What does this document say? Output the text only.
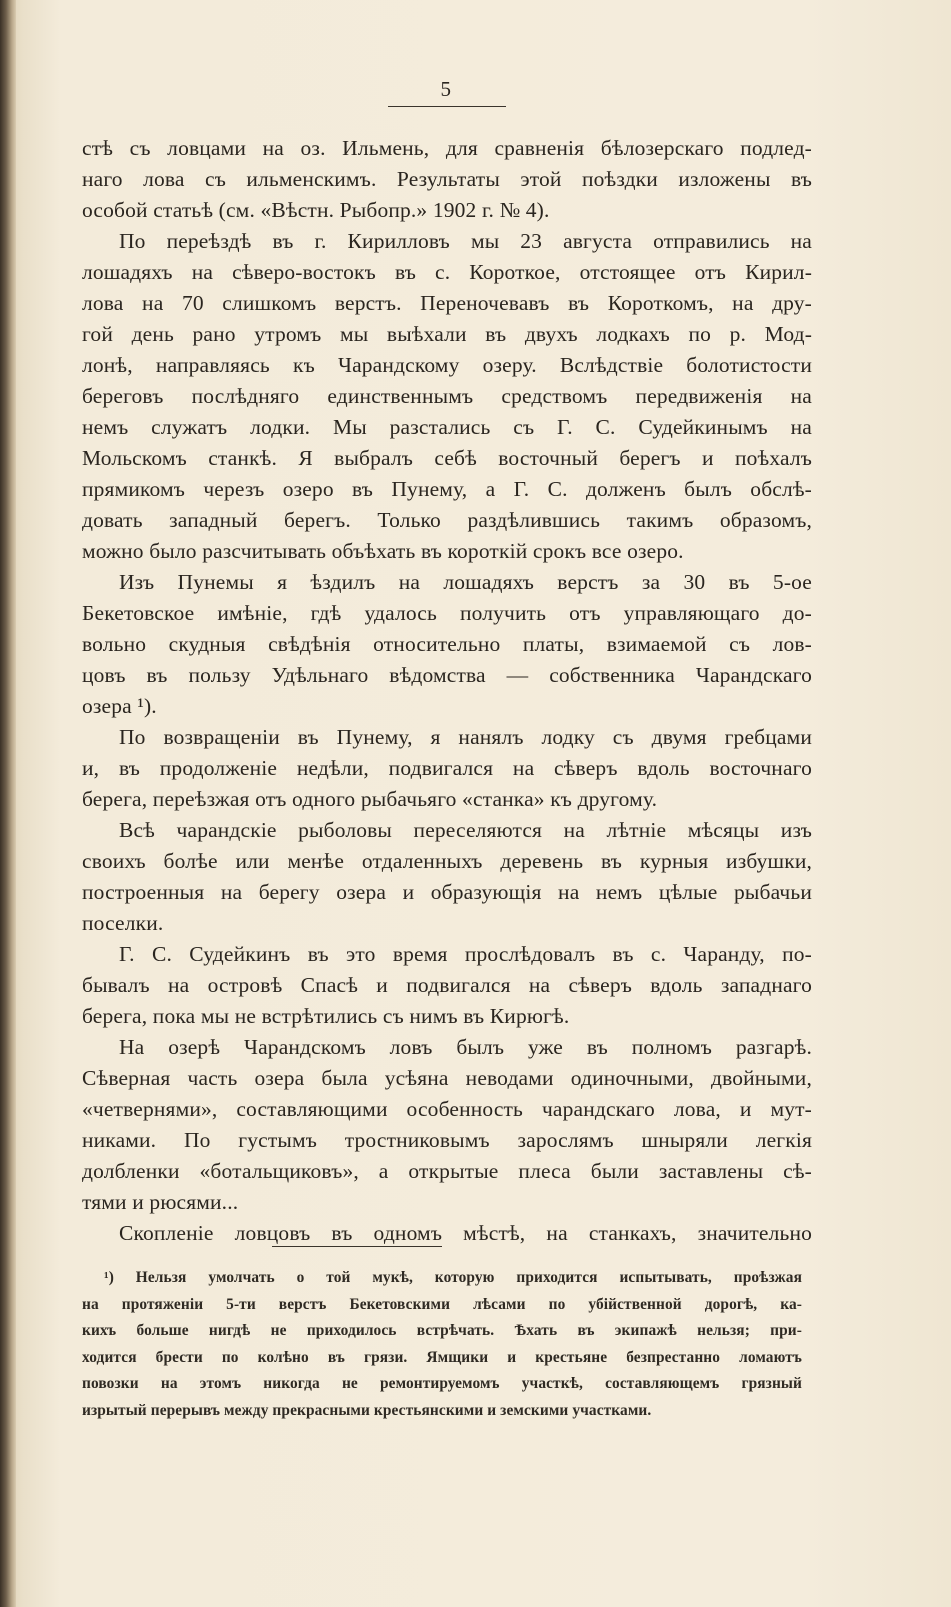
5
стѣ съ ловцами на оз. Ильмень, для сравненія бѣлозерскаго подлед-
наго лова съ ильменскимъ. Результаты этой поѣздки изложены въ
особой статьѣ (см. «Вѣстн. Рыбопр.» 1902 г. № 4).
По переѣздѣ въ г. Кирилловъ мы 23 августа отправились на
лошадяхъ на сѣверо-востокъ въ с. Короткое, отстоящее отъ Кирил-
лова на 70 слишкомъ верстъ. Переночевавъ въ Короткомъ, на дру-
гой день рано утромъ мы выѣхали въ двухъ лодкахъ по р. Мод-
лонѣ, направляясь къ Чарандскому озеру. Вслѣдствіе болотистости
береговъ послѣдняго единственнымъ средствомъ передвиженія на
немъ служатъ лодки. Мы разстались съ Г. С. Судейкинымъ на
Мольскомъ станкѣ. Я выбралъ себѣ восточный берегъ и поѣхалъ
прямикомъ черезъ озеро въ Пунему, а Г. С. долженъ былъ обслѣ-
довать западный берегъ. Только раздѣлившись такимъ образомъ,
можно было разсчитывать объѣхать въ короткій срокъ все озеро.
Изъ Пунемы я ѣздилъ на лошадяхъ верстъ за 30 въ 5-ое
Бекетовское имѣніе, гдѣ удалось получить отъ управляющаго до-
вольно скудныя свѣдѣнія относительно платы, взимаемой съ лов-
цовъ въ пользу Удѣльнаго вѣдомства — собственника Чарандскаго
озера ¹).
По возвращеніи въ Пунему, я нанялъ лодку съ двумя гребцами
и, въ продолженіе недѣли, подвигался на сѣверъ вдоль восточнаго
берега, переѣзжая отъ одного рыбачьяго «станка» къ другому.
Всѣ чарандскіе рыболовы переселяются на лѣтніе мѣсяцы изъ
своихъ болѣе или менѣе отдаленныхъ деревень въ курныя избушки,
построенныя на берегу озера и образующія на немъ цѣлые рыбачьи
поселки.
Г. С. Судейкинъ въ это время прослѣдовалъ въ с. Чаранду, по-
бывалъ на островѣ Спасѣ и подвигался на сѣверъ вдоль западнаго
берега, пока мы не встрѣтились съ нимъ въ Кирюгѣ.
На озерѣ Чарандскомъ ловъ былъ уже въ полномъ разгарѣ.
Сѣверная часть озера была усѣяна неводами одиночными, двойными,
«четвернями», составляющими особенность чарандскаго лова, и мут-
никами. По густымъ тростниковымъ зарослямъ шныряли легкія
долбленки «ботальщиковъ», а открытые плеса были заставлены сѣ-
тями и рюсями...
Скопленіе ловцовъ въ одномъ мѣстѣ, на станкахъ, значительно
¹) Нельзя умолчать о той мукѣ, которую приходится испытывать, проѣзжая
на протяженіи 5-ти верстъ Бекетовскими лѣсами по убійственной дорогѣ, ка-
кихъ больше нигдѣ не приходилось встрѣчать. Ѣхать въ экипажѣ нельзя; при-
ходится брести по колѣно въ грязи. Ямщики и крестьяне безпрестанно ломаютъ
повозки на этомъ никогда не ремонтируемомъ участкѣ, составляющемъ грязный
изрытый перерывъ между прекрасными крестьянскими и земскими участками.
